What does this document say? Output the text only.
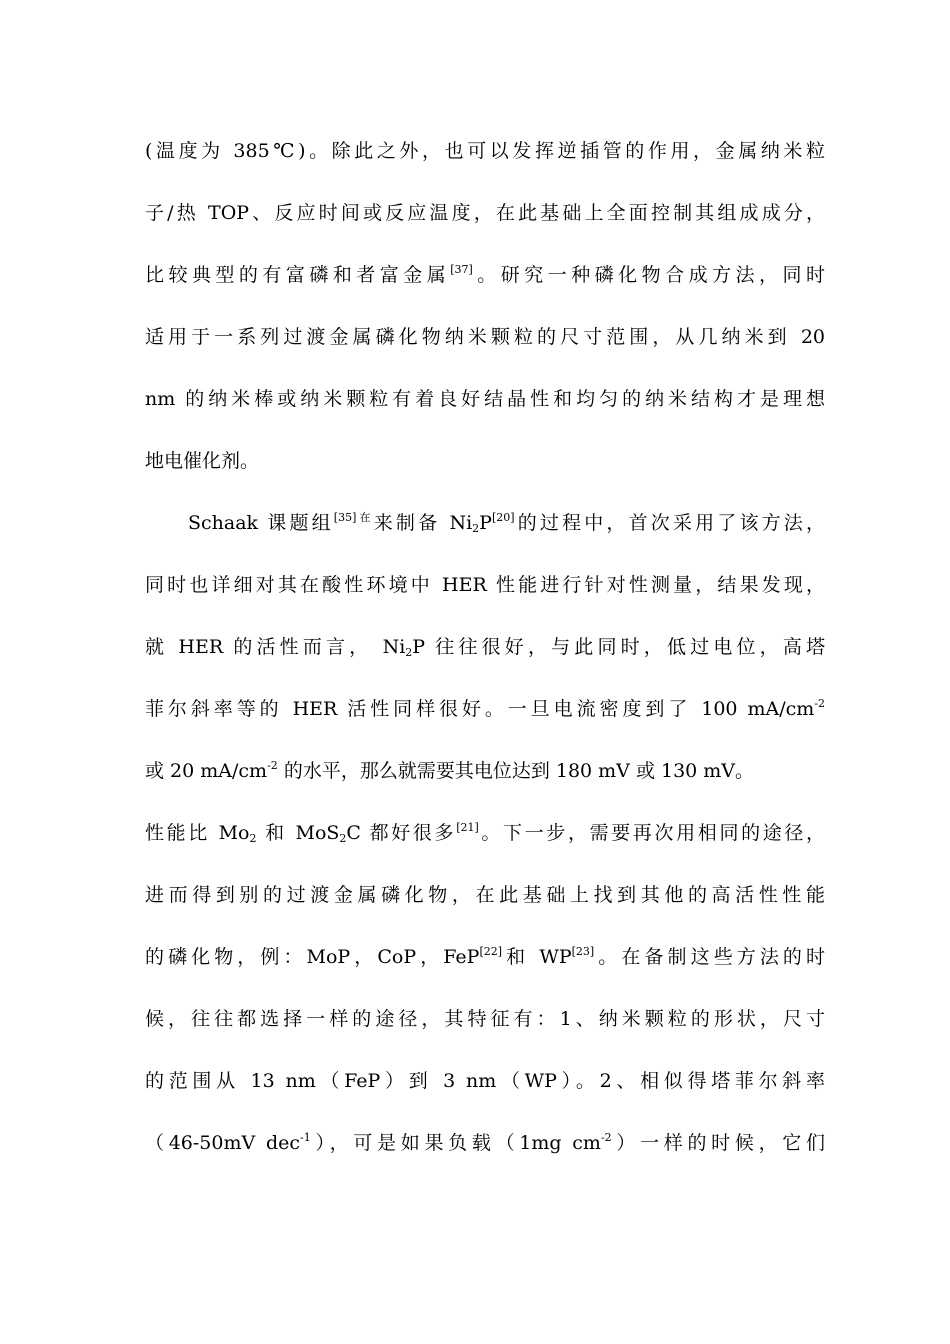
(温度为 385℃)。除此之外，也可以发挥逆插管的作用，金属纳米粒
子/热 TOP、反应时间或反应温度，在此基础上全面控制其组成成分，
比较典型的有富磷和者富金属[37]。研究一种磷化物合成方法，同时
适用于一系列过渡金属磷化物纳米颗粒的尺寸范围，从几纳米到 20
nm 的纳米棒或纳米颗粒有着良好结晶性和均匀的纳米结构才是理想
地电催化剂。
Schaak 课题组$^{[35]在}$来制备 $Ni_2P[20]$的过程中，首次采用了该方法，
同时也详细对其在酸性环境中 HER 性能进行针对性测量，结果发现，
就 HER 的活性而言， $Ni_2P$ 往往很好，与此同时，低过电位，高塔
菲尔斜率等的 HER 活性同样很好。一旦电流密度到了 100 $mA/cm^{-2}$
或 20 $mA/cm^{-2}$ 的水平，那么就需要其电位达到 180 mV 或 130 mV。
性能比 $Mo_2$ 和 MoS$_2$C 都好很多[21]。下一步，需要再次用相同的途径，
进而得到别的过渡金属磷化物，在此基础上找到其他的高活性性能
的磷化物，例：MoP，CoP，FeP[22]和 WP[23]。在备制这些方法的时
候，往往都选择一样的途径，其特征有：1、纳米颗粒的形状，尺寸
的范围从 13 nm（FeP）到 3 nm（WP）。2、相似得塔菲尔斜率
（46-50mV dec$^{-1}$），可是如果负载（1mg $cm^{-2}$）一样的时候，它们
